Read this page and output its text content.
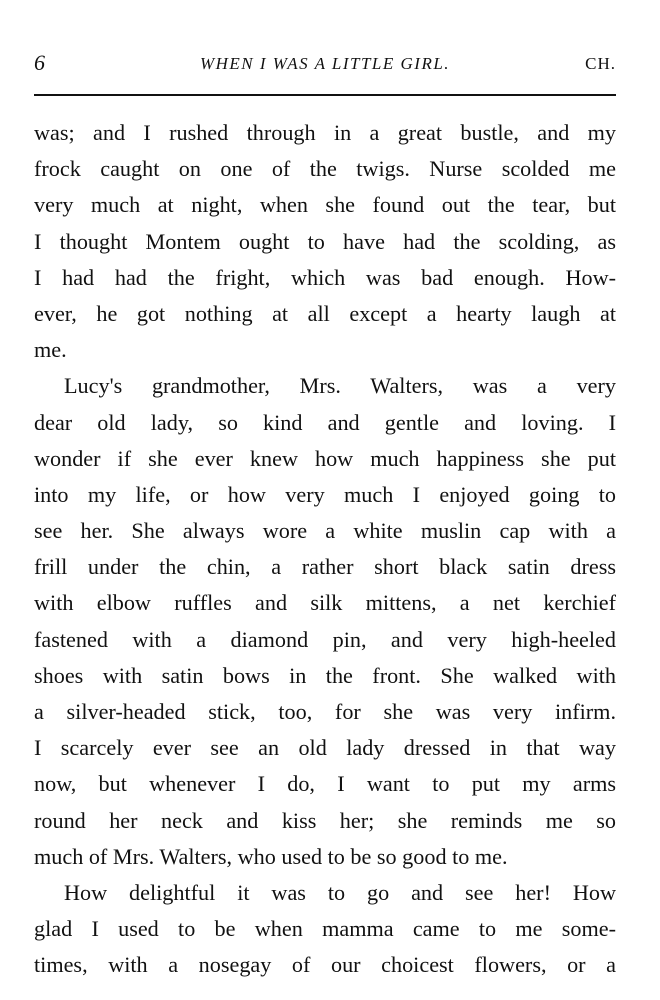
6	WHEN I WAS A LITTLE GIRL.	CH.
was; and I rushed through in a great bustle, and my
frock caught on one of the twigs. Nurse scolded me
very much at night, when she found out the tear, but
I thought Montem ought to have had the scolding, as
I had had the fright, which was bad enough. How-
ever, he got nothing at all except a hearty laugh at
me.
Lucy's grandmother, Mrs. Walters, was a very
dear old lady, so kind and gentle and loving. I
wonder if she ever knew how much happiness she put
into my life, or how very much I enjoyed going to
see her. She always wore a white muslin cap with a
frill under the chin, a rather short black satin dress
with elbow ruffles and silk mittens, a net kerchief
fastened with a diamond pin, and very high-heeled
shoes with satin bows in the front. She walked with
a silver-headed stick, too, for she was very infirm.
I scarcely ever see an old lady dressed in that way
now, but whenever I do, I want to put my arms
round her neck and kiss her; she reminds me so
much of Mrs. Walters, who used to be so good to me.
How delightful it was to go and see her! How
glad I used to be when mamma came to me some-
times, with a nosegay of our choicest flowers, or a
